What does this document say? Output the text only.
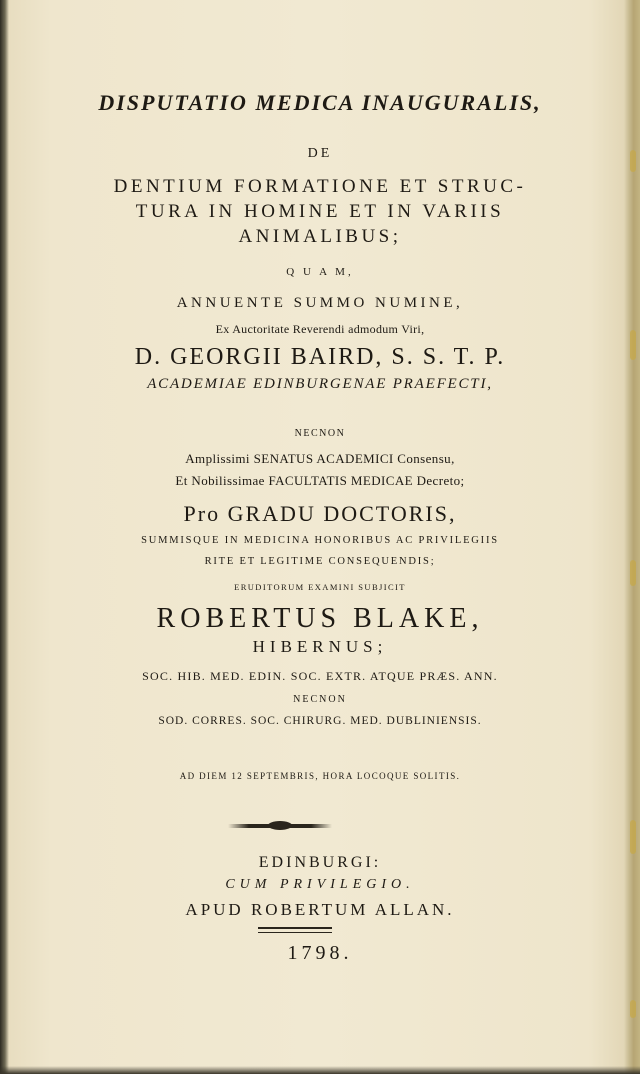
DISPUTATIO MEDICA INAUGURALIS,
DE
DENTIUM FORMATIONE ET STRUC-
TURA IN HOMINE ET IN VARIIS
ANIMALIBUS;
Q U A M,
ANNUENTE SUMMO NUMINE,
Ex Auctoritate Reverendi admodum Viri,
D. GEORGII BAIRD, S. S. T. P.
ACADEMIAE EDINBURGENAE PRAEFECTI,
NECNON
Amplissimi SENATUS ACADEMICI Consensu,
Et Nobilissimae FACULTATIS MEDICAE Decreto;
Pro GRADU DOCTORIS,
SUMMISQUE IN MEDICINA HONORIBUS AC PRIVILEGIIS
RITE ET LEGITIME CONSEQUENDIS;
ERUDITORUM EXAMINI SUBJICIT
ROBERTUS BLAKE,
HIBERNUS;
SOC. HIB. MED. EDIN. SOC. EXTR. ATQUE PRÆS. ANN.
NECNON
SOD. CORRES. SOC. CHIRURG. MED. DUBLINIENSIS.
AD DIEM 12 SEPTEMBRIS, HORA LOCOQUE SOLITIS.
EDINBURGI:
CUM PRIVILEGIO.
APUD ROBERTUM ALLAN.
1798.
